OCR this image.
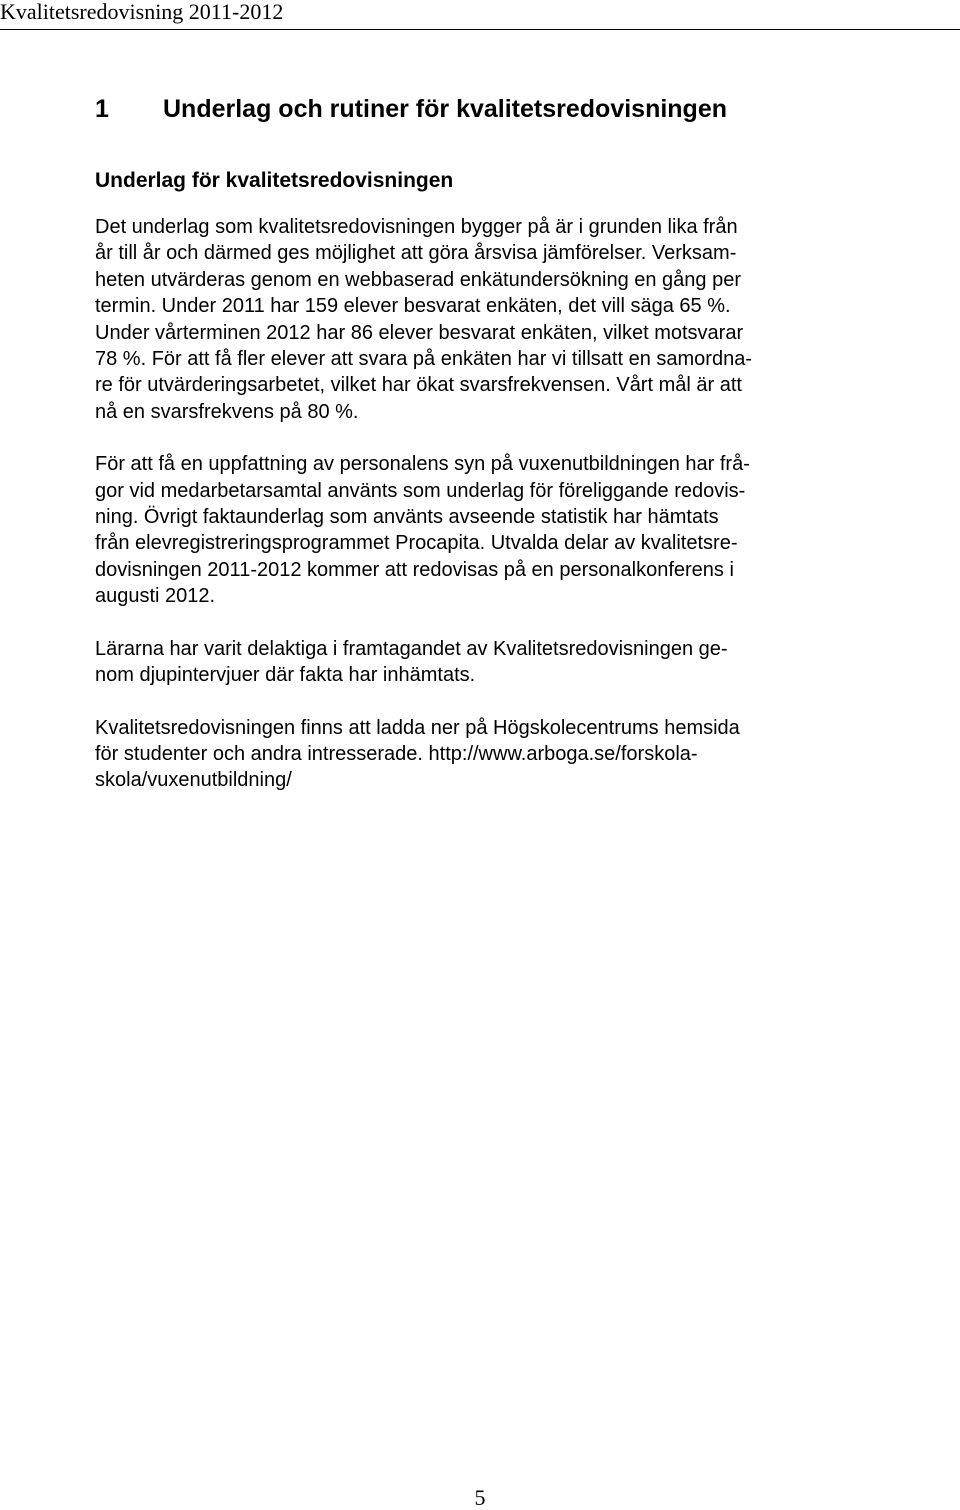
Kvalitetsredovisning 2011-2012
1 Underlag och rutiner för kvalitetsredovisningen
Underlag för kvalitetsredovisningen

Det underlag som kvalitetsredovisningen bygger på är i grunden lika från
år till år och därmed ges möjlighet att göra årsvisa jämförelser. Verksam-
heten utvärderas genom en webbaserad enkätundersökning en gång per
termin. Under 2011 har 159 elever besvarat enkäten, det vill säga 65 %.
Under vårterminen 2012 har 86 elever besvarat enkäten, vilket motsvarar
78 %. För att få fler elever att svara på enkäten har vi tillsatt en samordna-
re för utvärderingsarbetet, vilket har ökat svarsfrekvensen. Vårt mål är att
nå en svarsfrekvens på 80 %.

För att få en uppfattning av personalens syn på vuxenutbildningen har frå-
gor vid medarbetarsamtal använts som underlag för föreliggande redovis-
ning. Övrigt faktaunderlag som använts avseende statistik har hämtats
från elevregistreringsprogrammet Procapita. Utvalda delar av kvalitetsre-
dovisningen 2011-2012 kommer att redovisas på en personalkonferens i
augusti 2012.

Lärarna har varit delaktiga i framtagandet av Kvalitetsredovisningen ge-
nom djupintervjuer där fakta har inhämtats.

Kvalitetsredovisningen finns att ladda ner på Högskolecentrums hemsida
för studenter och andra intresserade. http://www.arboga.se/forskola-
skola/vuxenutbildning/

5
